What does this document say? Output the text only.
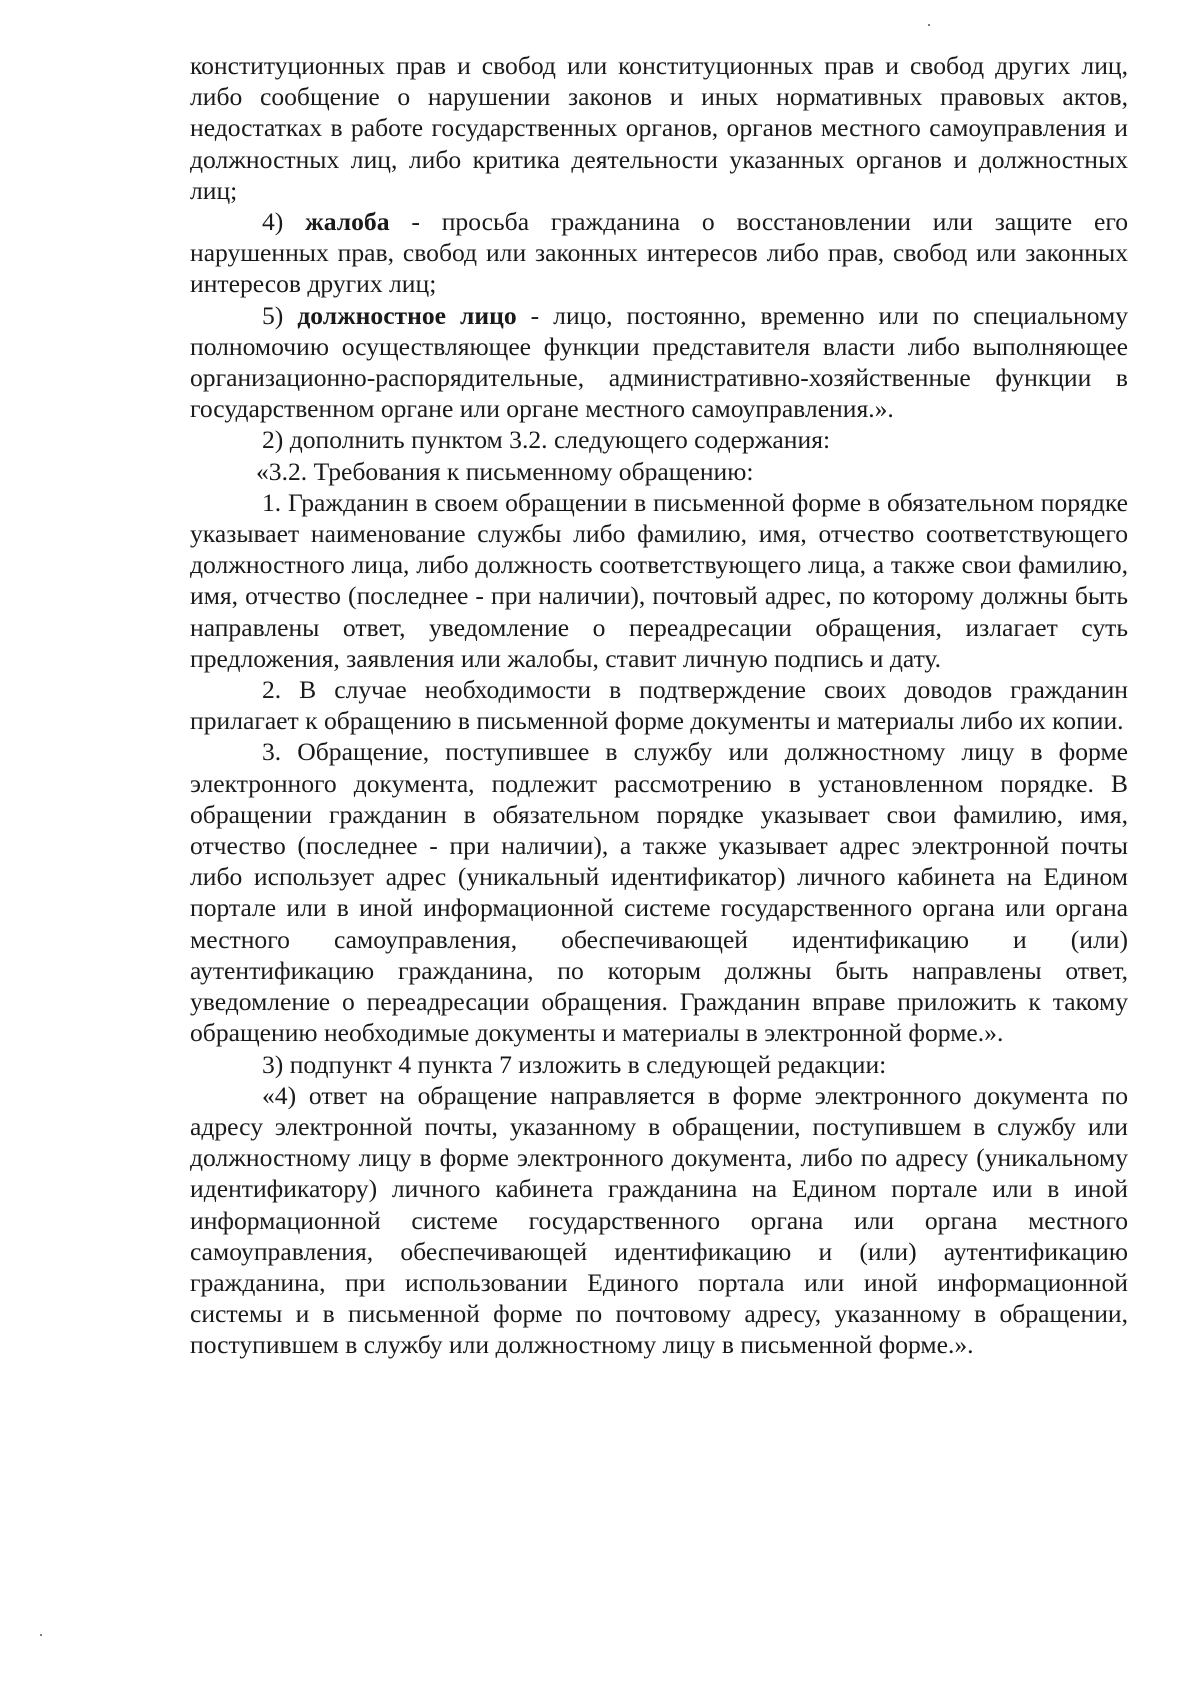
конституционных прав и свобод или конституционных прав и свобод других лиц, либо сообщение о нарушении законов и иных нормативных правовых актов, недостатках в работе государственных органов, органов местного самоуправления и должностных лиц, либо критика деятельности указанных органов и должностных лиц;

4) жалоба - просьба гражданина о восстановлении или защите его нарушенных прав, свобод или законных интересов либо прав, свобод или законных интересов других лиц;

5) должностное лицо - лицо, постоянно, временно или по специальному полномочию осуществляющее функции представителя власти либо выполняющее организационно-распорядительные, административно-хозяйственные функции в государственном органе или органе местного самоуправления.».

2) дополнить пунктом 3.2. следующего содержания:

«3.2. Требования к письменному обращению:

1. Гражданин в своем обращении в письменной форме в обязательном порядке указывает наименование службы либо фамилию, имя, отчество соответствующего должностного лица, либо должность соответствующего лица, а также свои фамилию, имя, отчество (последнее - при наличии), почтовый адрес, по которому должны быть направлены ответ, уведомление о переадресации обращения, излагает суть предложения, заявления или жалобы, ставит личную подпись и дату.

2. В случае необходимости в подтверждение своих доводов гражданин прилагает к обращению в письменной форме документы и материалы либо их копии.

3. Обращение, поступившее в службу или должностному лицу в форме электронного документа, подлежит рассмотрению в установленном порядке. В обращении гражданин в обязательном порядке указывает свои фамилию, имя, отчество (последнее - при наличии), а также указывает адрес электронной почты либо использует адрес (уникальный идентификатор) личного кабинета на Едином портале или в иной информационной системе государственного органа или органа местного самоуправления, обеспечивающей идентификацию и (или) аутентификацию гражданина, по которым должны быть направлены ответ, уведомление о переадресации обращения. Гражданин вправе приложить к такому обращению необходимые документы и материалы в электронной форме.».

3) подпункт 4 пункта 7 изложить в следующей редакции:

«4) ответ на обращение направляется в форме электронного документа по адресу электронной почты, указанному в обращении, поступившем в службу или должностному лицу в форме электронного документа, либо по адресу (уникальному идентификатору) личного кабинета гражданина на Едином портале или в иной информационной системе государственного органа или органа местного самоуправления, обеспечивающей идентификацию и (или) аутентификацию гражданина, при использовании Единого портала или иной информационной системы и в письменной форме по почтовому адресу, указанному в обращении, поступившем в службу или должностному лицу в письменной форме.».
